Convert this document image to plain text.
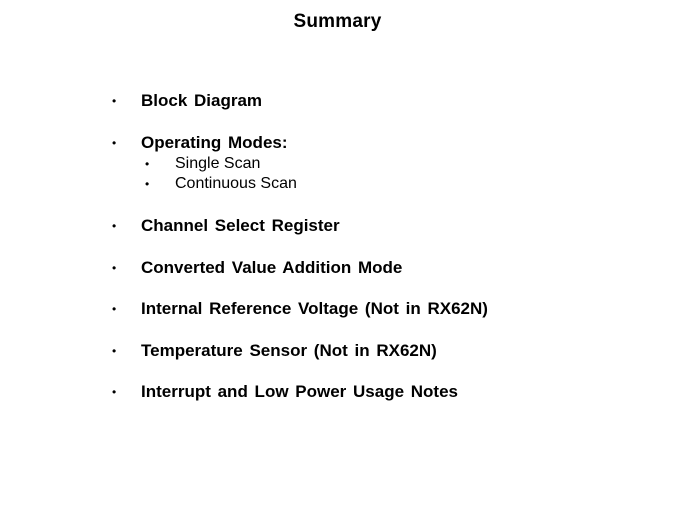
Summary
• Block Diagram
• Operating Modes:
• Single Scan
• Continuous Scan
• Channel Select Register
• Converted Value Addition Mode
• Internal Reference Voltage (Not in RX62N)
• Temperature Sensor (Not in RX62N)
• Interrupt and Low Power Usage Notes
